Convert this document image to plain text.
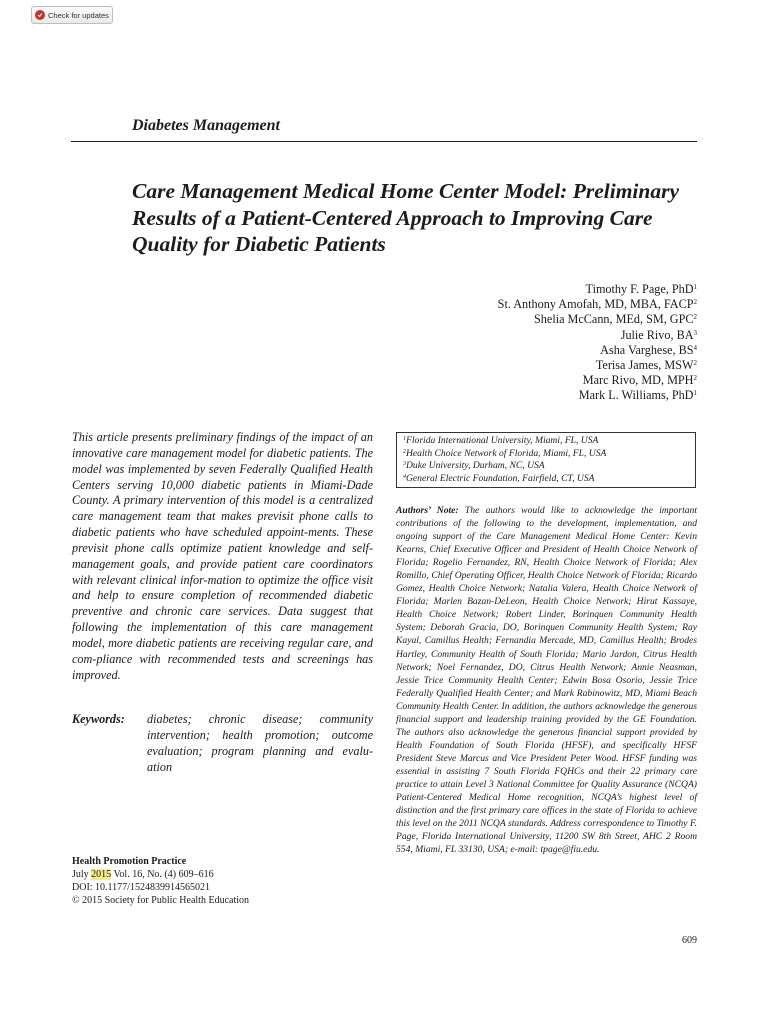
Check for updates
Diabetes Management
Care Management Medical Home Center Model: Preliminary Results of a Patient-Centered Approach to Improving Care Quality for Diabetic Patients
Timothy F. Page, PhD$^1$
St. Anthony Amofah, MD, MBA, FACP$^2$
Shelia McCann, MEd, SM, GPC$^2$
Julie Rivo, $BA^3$
Asha Varghese, $BS^4$
Terisa James, MSW$^2$
Marc Rivo, MD, MPH$^2$
Mark L. Williams, PhD$^1$

This article presents preliminary findings of the impact of an innovative care management model for diabetic patients. The model was implemented by seven Federally Qualified Health Centers serving 10,000 diabetic patients in Miami-Dade County. A primary intervention of this model is a centralized care management team that makes previsit phone calls to diabetic patients who have scheduled appoint-ments. These previsit phone calls optimize patient knowledge and self-management goals, and provide patient care coordinators with relevant clinical infor-mation to optimize the office visit and help to ensure completion of recommended diabetic preventive and chronic care services. Data suggest that following the implementation of this care management model, more diabetic patients are receiving regular care, and com-pliance with recommended tests and screenings has improved.

Keywords: diabetes; chronic disease; community intervention; health promotion; outcome evaluation; program planning and evalu-ation
Health Promotion Practice
July 2015 Vol. 16, No. (4) 609–616
DOI: 10.1177/1524839914565021
© 2015 Society for Public Health Education
$^1$Florida International University, Miami, FL, USA
$^2$Health Choice Network of Florida, Miami, FL, USA
$^3$Duke University, Durham, NC, USA
$^4$General Electric Foundation, Fairfield, CT, USA

Authors’ Note: The authors would like to acknowledge the important contributions of the following to the development, implementation, and ongoing support of the Care Management Medical Home Center: Kevin Kearns, Chief Executive Officer and President of Health Choice Network of Florida; Rogelio Fernandez, RN, Health Choice Network of Florida; Alex Romillo, Chief Operating Officer, Health Choice Network of Florida; Ricardo Gomez, Health Choice Network; Natalia Valera, Health Choice Network of Florida; Marlen Bazan-DeLeon, Health Choice Network; Hirut Kassaye, Health Choice Network; Robert Linder, Borinquen Community Health System; Deborah Gracia, DO, Borinquen Community Health System; Ray Kayal, Camillus Health; Fernandia Mercade, MD, Camillus Health; Brodes Hartley, Community Health of South Florida; Mario Jardon, Citrus Health Network; Noel Fernandez, DO, Citrus Health Network; Annie Neasman, Jessie Trice Community Health Center; Edwin Bosa Osorio, Jessie Trice Federally Qualified Health Center; and Mark Rabinowitz, MD, Miami Beach Community Health Center. In addition, the authors acknowledge the generous financial support and leadership training provided by the GE Foundation. The authors also acknowledge the generous financial support provided by Health Foundation of South Florida (HFSF), and specifically HFSF President Steve Marcus and Vice President Peter Wood. HFSF funding was essential in assisting 7 South Florida FQHCs and their 22 primary care practice to attain Level 3 National Committee for Quality Assurance (NCQA) Patient-Centered Medical Home recognition, NCQA’s highest level of distinction and the first primary care offices in the state of Florida to achieve this level on the 2011 NCQA standards. Address correspondence to Timothy F. Page, Florida International University, 11200 SW 8th Street, AHC 2 Room 554, Miami, FL 33130, USA; e-mail: tpage@fiu.edu.

609
